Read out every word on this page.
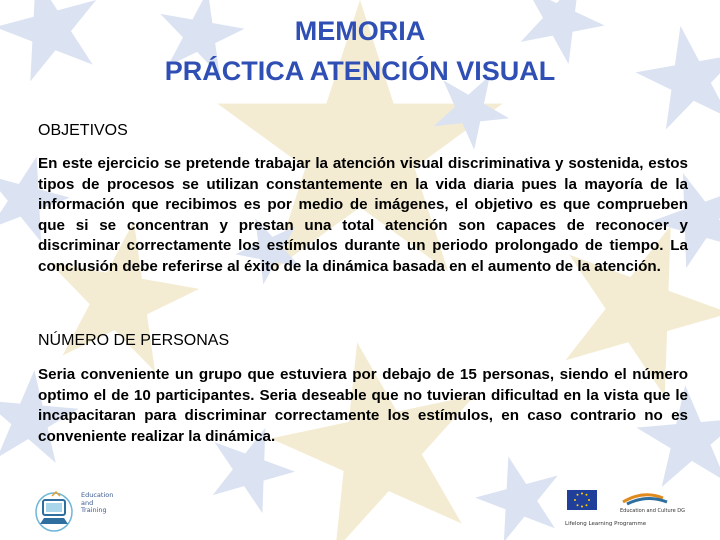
MEMORIA
PRÁCTICA ATENCIÓN VISUAL
OBJETIVOS

En este ejercicio se pretende trabajar la atención visual discriminativa y sostenida, estos tipos de procesos se utilizan constantemente en la vida diaria pues la mayoría de la información que recibimos es por medio de imágenes, el objetivo es que comprueben que si se concentran y prestan una total atención son capaces de reconocer y discriminar correctamente los estímulos durante un periodo prolongado de tiempo. La conclusión debe referirse al éxito de la dinámica basada en el aumento de la atención.

NÚMERO DE PERSONAS

Seria conveniente un grupo que estuviera por debajo de 15 personas, siendo el número optimo el de 10 participantes. Seria deseable que no tuvieran dificultad en la vista que le incapacitaran para discriminar correctamente los estímulos, en caso contrario no es conveniente realizar la dinámica.

Education
and
Training	Education and Culture DG
Lifelong Learning Programme
